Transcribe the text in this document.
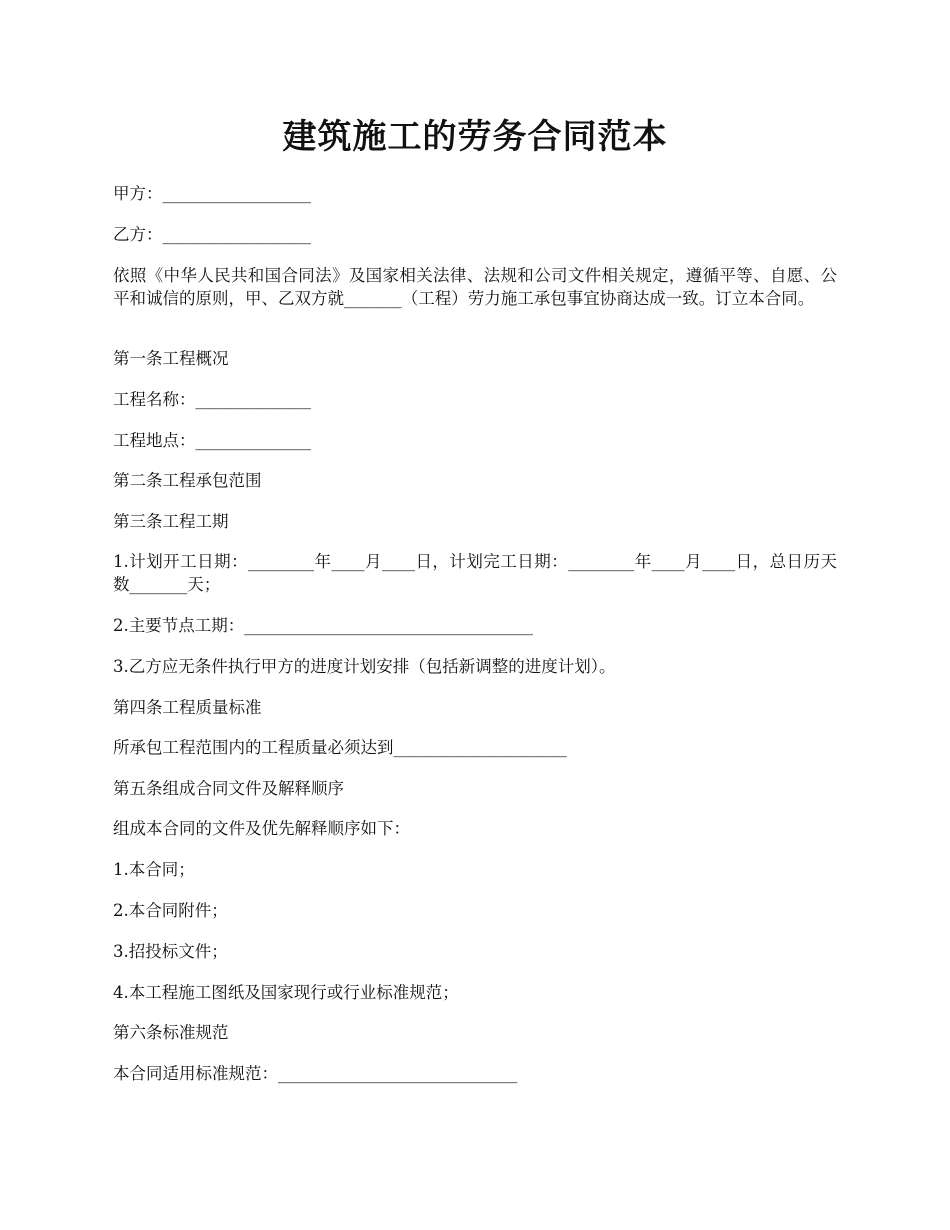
建筑施工的劳务合同范本
甲方：__________________
乙方：__________________
依照《中华人民共和国合同法》及国家相关法律、法规和公司文件相关规定，遵循平等、自愿、公平和诚信的原则，甲、乙双方就_______（工程）劳力施工承包事宜协商达成一致。订立本合同。
第一条工程概况
工程名称：______________
工程地点：______________
第二条工程承包范围
第三条工程工期
1.计划开工日期：________年____月____日，计划完工日期：________年____月____日，总日历天数_______天；
2.主要节点工期：___________________________________
3.乙方应无条件执行甲方的进度计划安排（包括新调整的进度计划）。
第四条工程质量标准
所承包工程范围内的工程质量必须达到_____________________
第五条组成合同文件及解释顺序
组成本合同的文件及优先解释顺序如下：
1.本合同；
2.本合同附件；
3.招投标文件；
4.本工程施工图纸及国家现行或行业标准规范；
第六条标准规范
本合同适用标准规范：_____________________________
